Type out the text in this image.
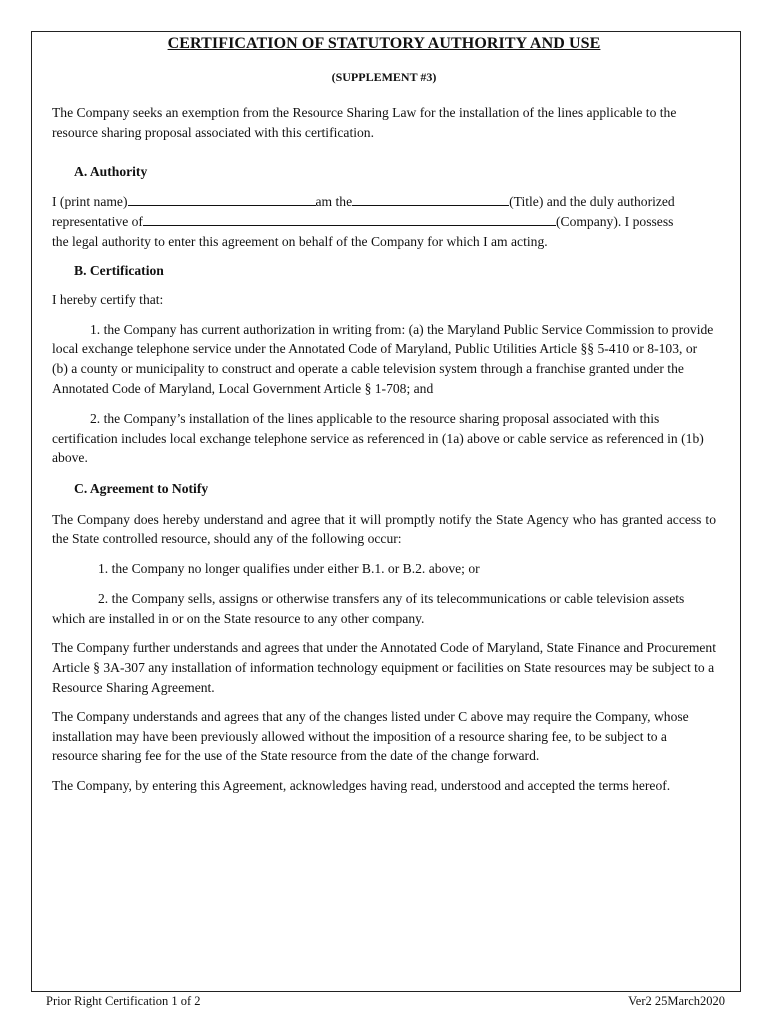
CERTIFICATION OF STATUTORY AUTHORITY AND USE
(SUPPLEMENT #3)

The Company seeks an exemption from the Resource Sharing Law for the installation of the lines applicable to the resource sharing proposal associated with this certification.

A. Authority

I (print name)	am the	(Title) and the duly authorized
representative of	(Company). I possess
the legal authority to enter this agreement on behalf of the Company for which I am acting.

B. Certification

I hereby certify that:

1. the Company has current authorization in writing from: (a) the Maryland Public Service Commission to provide local exchange telephone service under the Annotated Code of Maryland, Public Utilities Article §§ 5-410 or 8-103, or (b) a county or municipality to construct and operate a cable television system through a franchise granted under the Annotated Code of Maryland, Local Government Article § 1-708; and

2. the Company’s installation of the lines applicable to the resource sharing proposal associated with this certification includes local exchange telephone service as referenced in (1a) above or cable service as referenced in (1b) above.

C. Agreement to Notify

The Company does hereby understand and agree that it will promptly notify the State Agency who has granted access to the State controlled resource, should any of the following occur:

1. the Company no longer qualifies under either B.1. or B.2. above; or

2. the Company sells, assigns or otherwise transfers any of its telecommunications or cable television assets which are installed in or on the State resource to any other company.

The Company further understands and agrees that under the Annotated Code of Maryland, State Finance and Procurement Article § 3A-307 any installation of information technology equipment or facilities on State resources may be subject to a Resource Sharing Agreement.

The Company understands and agrees that any of the changes listed under C above may require the Company, whose installation may have been previously allowed without the imposition of a resource sharing fee, to be subject to a resource sharing fee for the use of the State resource from the date of the change forward.

The Company, by entering this Agreement, acknowledges having read, understood and accepted the terms hereof.

Prior Right Certification 1 of 2	Ver2 25March2020
